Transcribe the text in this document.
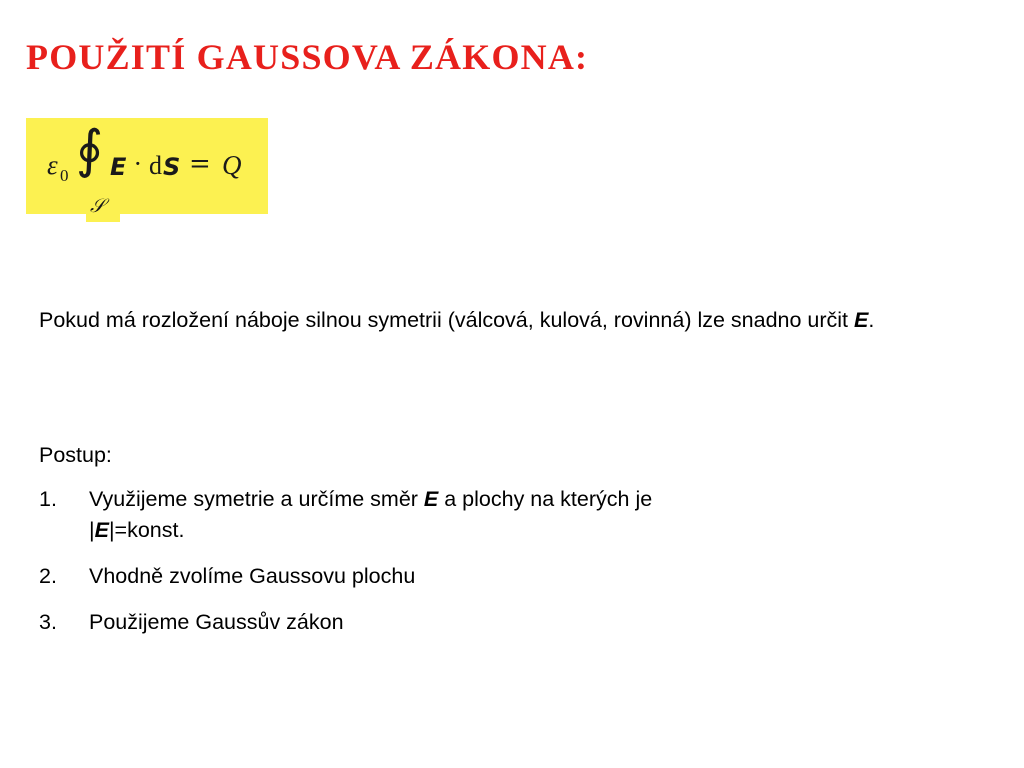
POUŽITÍ GAUSSOVA ZÁKONA:
ε 0 ∮
𝒮
E · d S = Q

Pokud má rozložení náboje silnou symetrii (válcová, kulová, rovinná) lze snadno určit E.

Postup:

1. Využijeme symetrie a určíme směr E a plochy na kterých je
|E|=konst.
2. Vhodně zvolíme Gaussovu plochu
3. Použijeme Gaussův zákon
